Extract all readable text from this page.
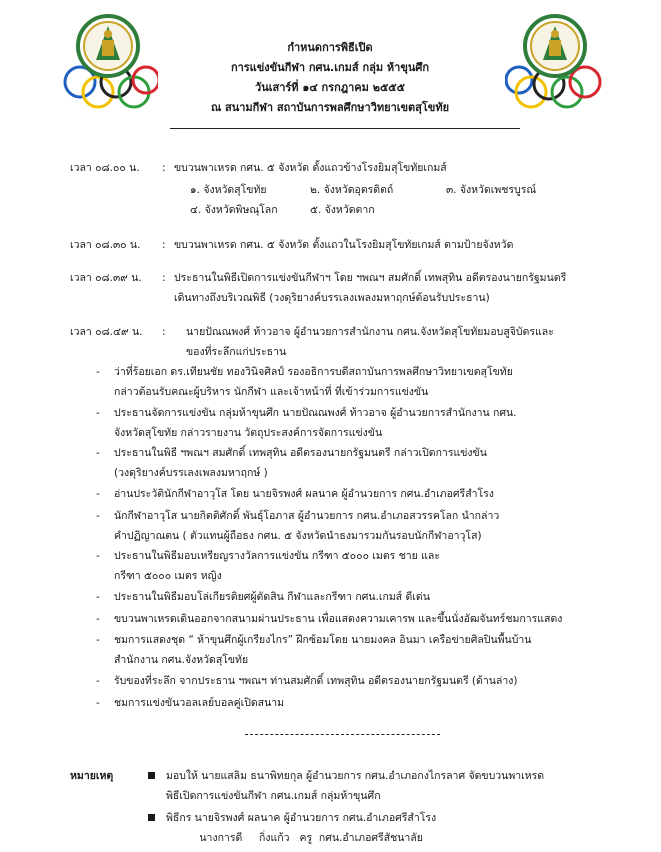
กำหนดการพิธีเปิด
การแข่งขันกีฬา กศน.เกมส์ กลุ่ม ห้าขุนศึก
วันเสาร์ที่ ๑๔ กรกฎาคม ๒๕๕๕
ณ สนามกีฬา สถาบันการพลศึกษาวิทยาเขตสุโขทัย
เวลา ๐๘.๐๐ น.	: ขบวนพาเหรด กศน. ๕ จังหวัด ตั้งแถวข้างโรงยิมสุโขทัยเกมส์
๑. จังหวัดสุโขทัย	๒. จังหวัดอุตรดิตถ์	๓. จังหวัดเพชรบูรณ์
๔. จังหวัดพิษณุโลก	๕. จังหวัดตาก
เวลา ๐๘.๓๐ น.	: ขบวนพาเหรด กศน. ๕ จังหวัด ตั้งแถวในโรงยิมสุโขทัยเกมส์ ตามป้ายจังหวัด
เวลา ๐๘.๓๙ น.	: ประธานในพิธีเปิดการแข่งขันกีฬาฯ โดย ฯพณฯ สมศักดิ์ เทพสุทิน อดีตรองนายกรัฐมนตรี
เดินทางถึงบริเวณพิธี (วงดุริยางค์บรรเลงเพลงมหาฤกษ์ต้อนรับประธาน)
เวลา ๐๘.๔๙ น.	: นายปัณณพงศ์ ท้าวอาจ ผู้อำนวยการสำนักงาน กศน.จังหวัดสุโขทัยมอบสูจิบัตรและ
ของที่ระลึกแก่ประธาน
- ว่าที่ร้อยเอก ดร.เทียนชัย ทองวินิจศิลป์ รองอธิการบดีสถาบันการพลศึกษาวิทยาเขตสุโขทัย
กล่าวต้อนรับคณะผู้บริหาร นักกีฬา และเจ้าหน้าที่ ที่เข้าร่วมการแข่งขัน
- ประธานจัดการแข่งขัน กลุ่มห้าขุนศึก นายปัณณพงศ์ ท้าวอาจ ผู้อำนวยการสำนักงาน กศน.
จังหวัดสุโขทัย กล่าวรายงาน วัตถุประสงค์การจัดการแข่งขัน
- ประธานในพิธี ฯพณฯ สมศักดิ์ เทพสุทิน อดีตรองนายกรัฐมนตรี กล่าวเปิดการแข่งขัน
(วงดุริยางค์บรรเลงเพลงมหาฤกษ์ )
- อ่านประวัตินักกีฬาอาวุโส โดย นายจิรพงศ์ ผลนาค ผู้อำนวยการ กศน.อำเภอศรีสำโรง
- นักกีฬาอาวุโส นายกิตติศักดิ์ พันธุ์โอภาส ผู้อำนวยการ กศน.อำเภอสวรรคโลก นำกล่าว
คำปฏิญาณตน ( ตัวแทนผู้ถือธง กศน. ๕ จังหวัดนำธงมารวมกันรอบนักกีฬาอาวุโส)
- ประธานในพิธีมอบเหรียญรางวัลการแข่งขัน กรีฑา ๕๐๐๐ เมตร ชาย และ
กรีฑา ๕๐๐๐ เมตร หญิง
- ประธานในพิธีมอบโล่เกียรติยศผู้ตัดสิน กีฬาและกรีฑา กศน.เกมส์ ดีเด่น
- ขบวนพาเหรดเดินออกจากสนามผ่านประธาน เพื่อแสดงความเคารพ และขึ้นนั่งอัฒจันทร์ชมการแสดง
- ชมการแสดงชุด “ ห้าขุนศึกผู้เกรียงไกร” ฝึกซ้อมโดย นายมงคล อินมา เครือข่ายศิลปินพื้นบ้าน
สำนักงาน กศน.จังหวัดสุโขทัย
- รับของที่ระลึก จากประธาน ฯพณฯ ท่านสมศักดิ์ เทพสุทิน อดีตรองนายกรัฐมนตรี (ด้านล่าง)
- ชมการแข่งขันวอลเลย์บอลคู่เปิดสนาม
หมายเหตุ	มอบให้ นายแสลิม ธนาพิทยกุล ผู้อำนวยการ กศน.อำเภอกงไกรลาศ จัดขบวนพาเหรด
พิธีเปิดการแข่งขันกีฬา กศน.เกมส์ กลุ่มห้าขุนศึก
พิธีกร นายจิรพงศ์ ผลนาค ผู้อำนวยการ กศน.อำเภอศรีสำโรง
นางการดี     กิ่งแก้ว   ครู  กศน.อำเภอศรีสัชนาลัย
